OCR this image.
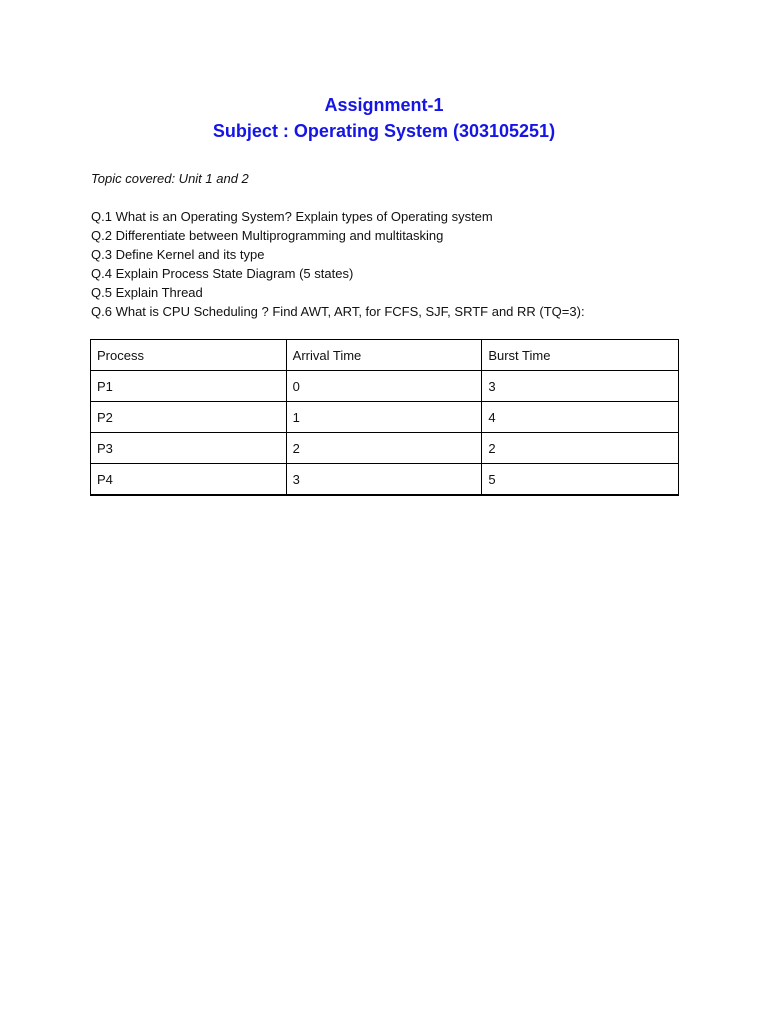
Assignment-1
Subject : Operating System (303105251)
Topic covered: Unit 1 and 2
Q.1 What is an Operating System? Explain types of Operating system
Q.2 Differentiate between Multiprogramming and multitasking
Q.3 Define Kernel and its type
Q.4 Explain Process State Diagram (5 states)
Q.5 Explain Thread
Q.6 What is CPU Scheduling ? Find AWT, ART, for FCFS, SJF, SRTF and RR (TQ=3):
Process	Arrival Time	Burst Time
P1	0	3
P2	1	4
P3	2	2
P4	3	5
